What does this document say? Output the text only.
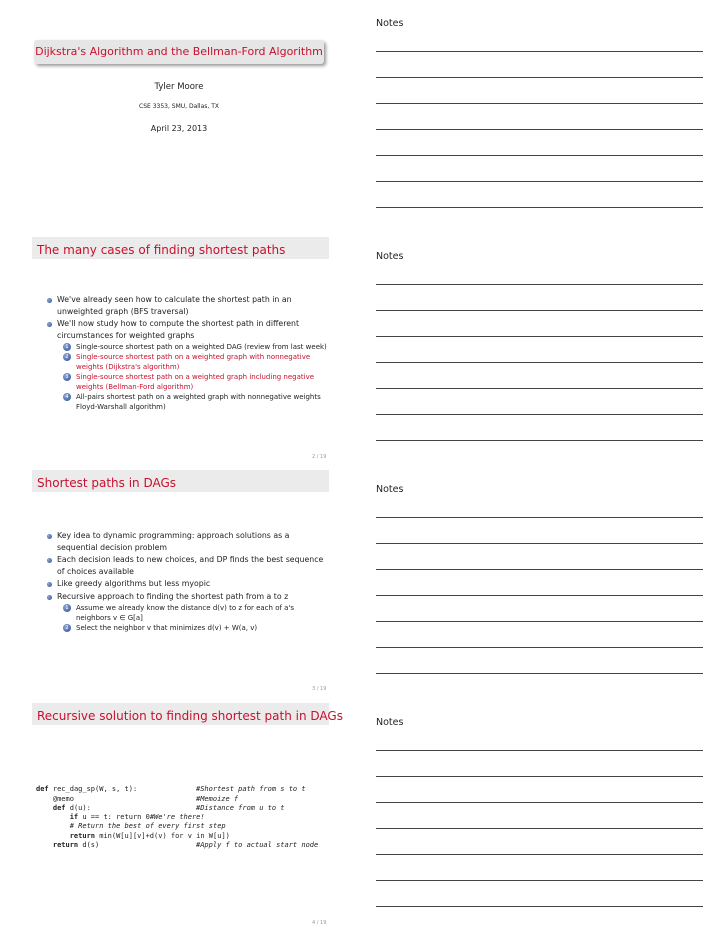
Notes
Dijkstra's Algorithm and the Bellman-Ford Algorithm
Tyler Moore
CSE 3353, SMU, Dallas, TX
April 23, 2013
The many cases of finding shortest paths	Notes
We've already seen how to calculate the shortest path in an unweighted graph (BFS traversal)
We'll now study how to compute the shortest path in different circumstances for weighted graphs
1	Single-source shortest path on a weighted DAG (review from last week)
2	Single-source shortest path on a weighted graph with nonnegative weights (Dijkstra's algorithm)
3	Single-source shortest path on a weighted graph including negative weights (Bellman-Ford algorithm)
4	All-pairs shortest path on a weighted graph with nonnegative weights Floyd-Warshall algorithm)
2 / 19
Shortest paths in DAGs	Notes
Key idea to dynamic programming: approach solutions as a sequential decision problem
Each decision leads to new choices, and DP finds the best sequence of choices available
Like greedy algorithms but less myopic
Recursive approach to finding the shortest path from a to z
1	Assume we already know the distance d(v) to z for each of a's neighbors v ∈ G[a]
2	Select the neighbor v that minimizes d(v) + W(a, v)
3 / 19
Recursive solution to finding shortest path in DAGs	Notes

def rec_dag_sp(W, s, t):	#Shortest path from s to t
@memo	#Memoize f
def d(u):	#Distance from u to t
if u == t: return 0#We're there!
# Return the best of every first step
return min(W[u][v]+d(v) for v in W[u])
return d(s)	#Apply f to actual start node

4 / 19
